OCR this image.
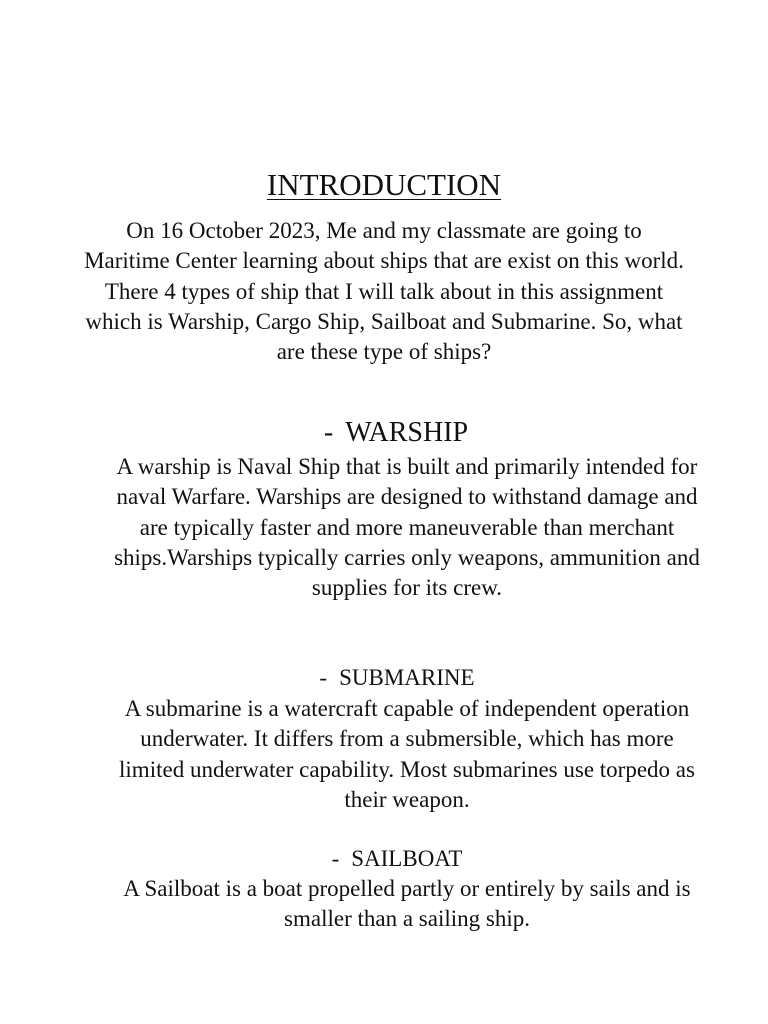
INTRODUCTION

On 16 October 2023, Me and my classmate are going to Maritime Center learning about ships that are exist on this world. There 4 types of ship that I will talk about in this assignment which is Warship, Cargo Ship, Sailboat and Submarine. So, what are these type of ships?

- WARSHIP

A warship is Naval Ship that is built and primarily intended for naval Warfare. Warships are designed to withstand damage and are typically faster and more maneuverable than merchant ships.Warships typically carries only weapons, ammunition and supplies for its crew.

- SUBMARINE

A submarine is a watercraft capable of independent operation underwater. It differs from a submersible, which has more limited underwater capability. Most submarines use torpedo as their weapon.

- SAILBOAT

A Sailboat is a boat propelled partly or entirely by sails and is smaller than a sailing ship.
